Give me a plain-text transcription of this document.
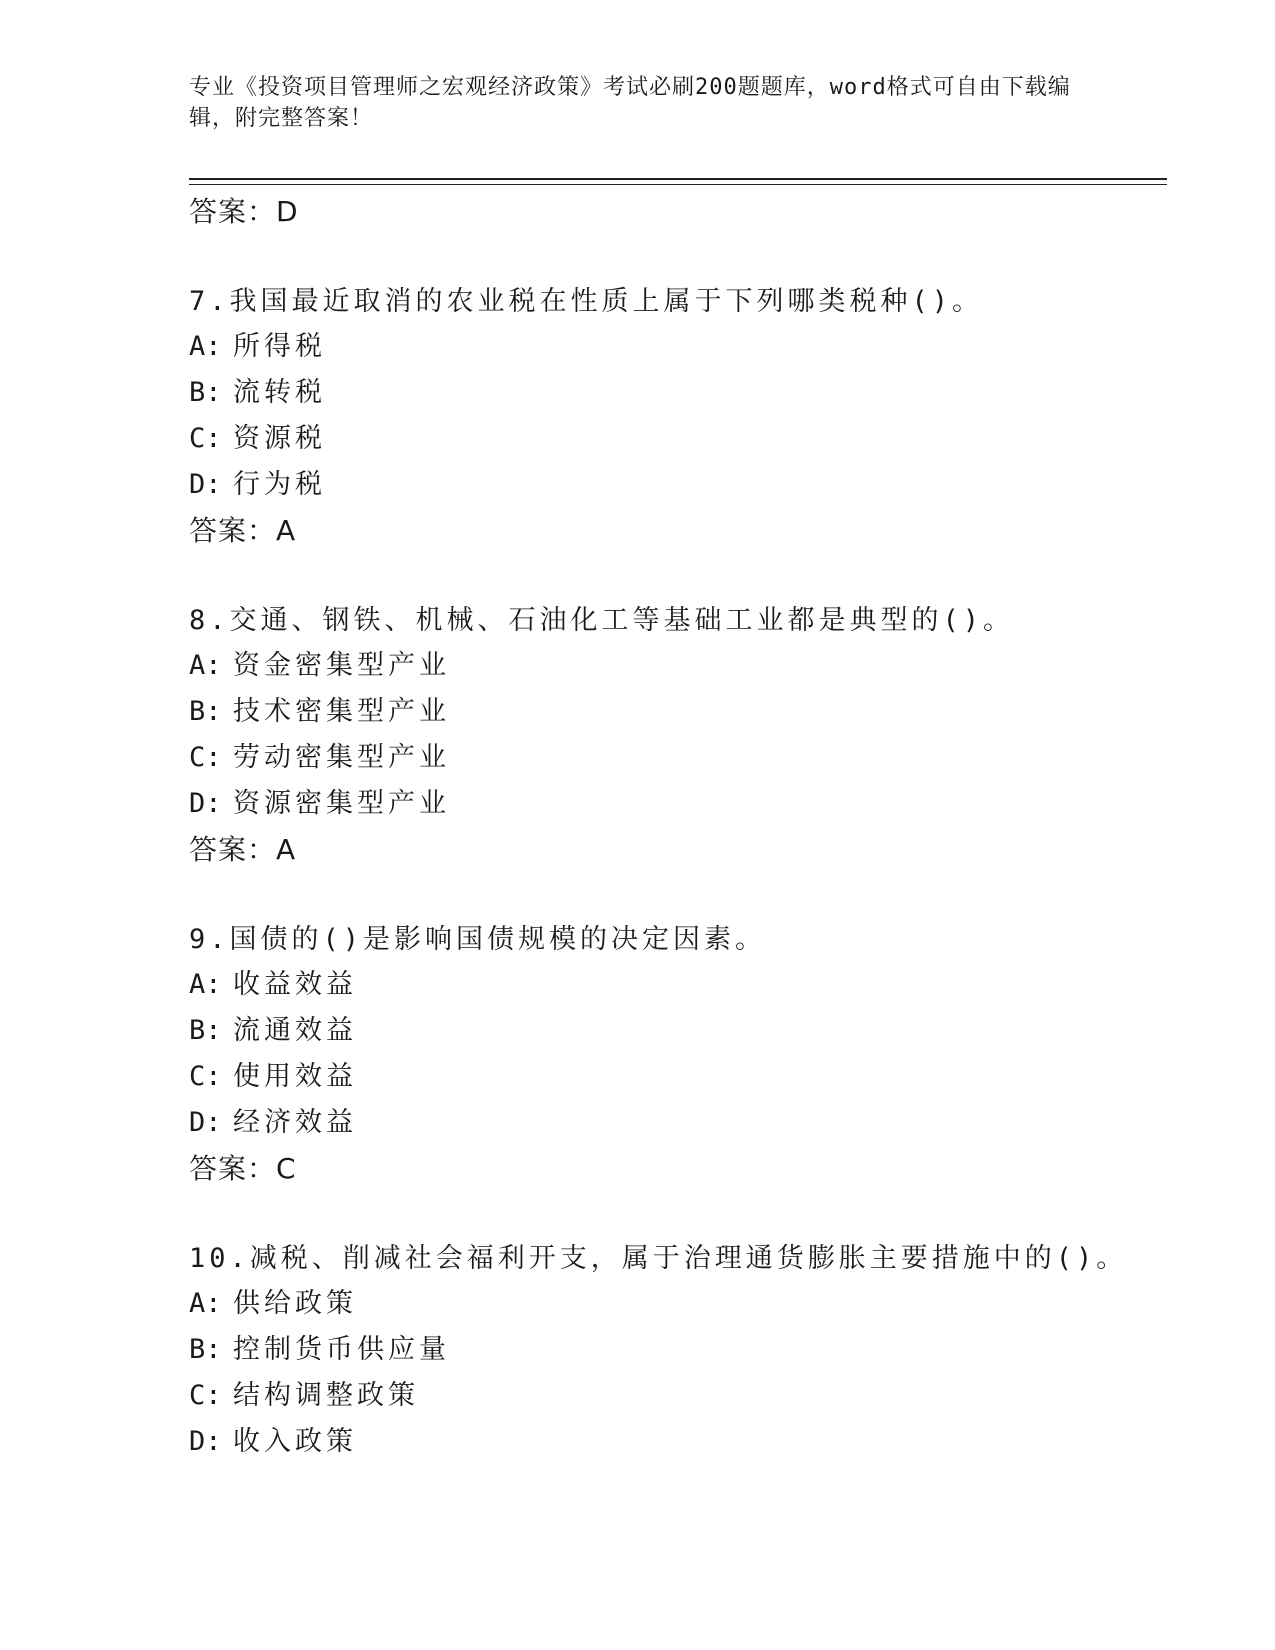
专业《投资项目管理师之宏观经济政策》考试必刷200题题库，word格式可自由下载编辑，附完整答案！
答案：D
7.我国最近取消的农业税在性质上属于下列哪类税种()。
A: 所得税
B: 流转税
C: 资源税
D: 行为税
答案：A
8.交通、钢铁、机械、石油化工等基础工业都是典型的()。
A: 资金密集型产业
B: 技术密集型产业
C: 劳动密集型产业
D: 资源密集型产业
答案：A
9.国债的()是影响国债规模的决定因素。
A: 收益效益
B: 流通效益
C: 使用效益
D: 经济效益
答案：C
10.减税、削减社会福利开支，属于治理通货膨胀主要措施中的()。
A: 供给政策
B: 控制货币供应量
C: 结构调整政策
D: 收入政策
